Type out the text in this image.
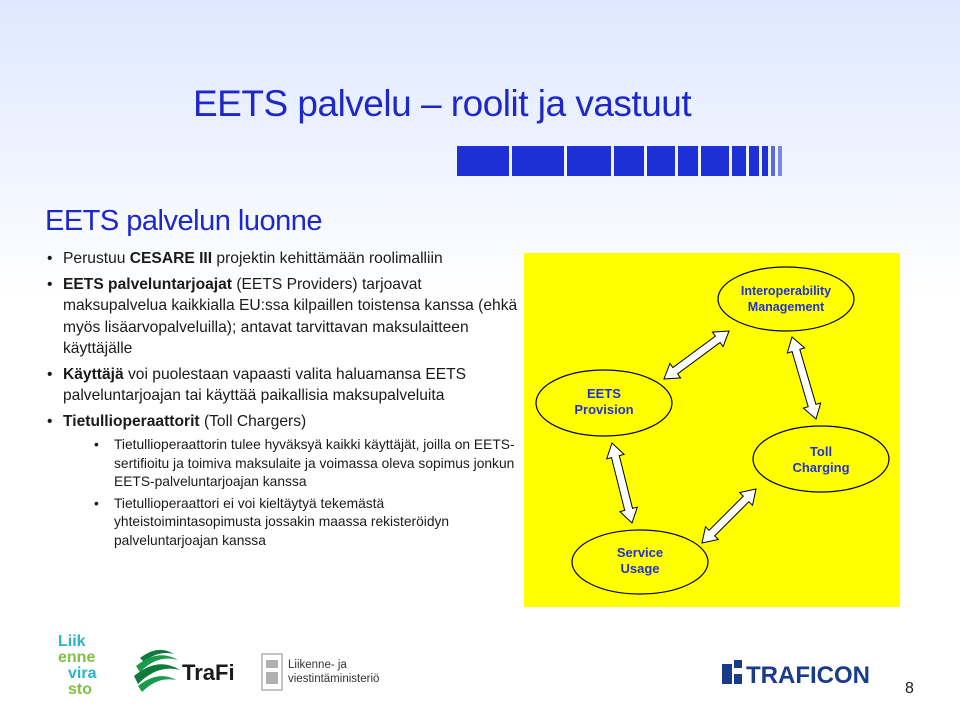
EETS palvelu – roolit ja vastuut
EETS palvelun luonne
• Perustuu CESARE III projektin kehittämään roolimalliin
• EETS palveluntarjoajat (EETS Providers) tarjoavat maksupalvelua kaikkialla EU:ssa kilpaillen toistensa kanssa (ehkä myös lisäarvopalveluilla); antavat tarvittavan maksulaitteen käyttäjälle
• Käyttäjä voi puolestaan vapaasti valita haluamansa EETS palveluntarjoajan tai käyttää paikallisia maksupalveluita
• Tietullioperaattorit (Toll Chargers)
• Tietullioperaattorin tulee hyväksyä kaikki käyttäjät, joilla on EETS-sertifioitu ja toimiva maksulaite ja voimassa oleva sopimus jonkun EETS-palveluntarjoajan kanssa
• Tietullioperaattori ei voi kieltäytyä tekemästä yhteistoimintasopimusta jossakin maassa rekisteröidyn palveluntarjoajan kanssa
Interoperability
Management
EETS
Provision
Toll
Charging
Service
Usage
Liik
enne
vira
sto
TraFi	Liikenne- ja
viestintäministeriö	TRAFICON 8
